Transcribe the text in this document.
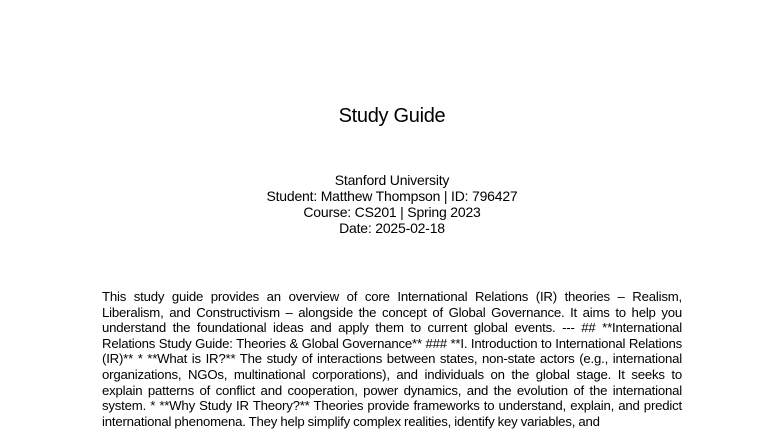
Study Guide
Stanford University
Student: Matthew Thompson | ID: 796427
Course: CS201 | Spring 2023
Date: 2025-02-18
This study guide provides an overview of core International Relations (IR) theories – Realism, Liberalism, and Constructivism – alongside the concept of Global Governance. It aims to help you understand the foundational ideas and apply them to current global events. --- ## **International Relations Study Guide: Theories & Global Governance** ### **I. Introduction to International Relations (IR)** * **What is IR?** The study of interactions between states, non-state actors (e.g., international organizations, NGOs, multinational corporations), and individuals on the global stage. It seeks to explain patterns of conflict and cooperation, power dynamics, and the evolution of the international system. * **Why Study IR Theory?** Theories provide frameworks to understand, explain, and predict international phenomena. They help simplify complex realities, identify key variables, and
